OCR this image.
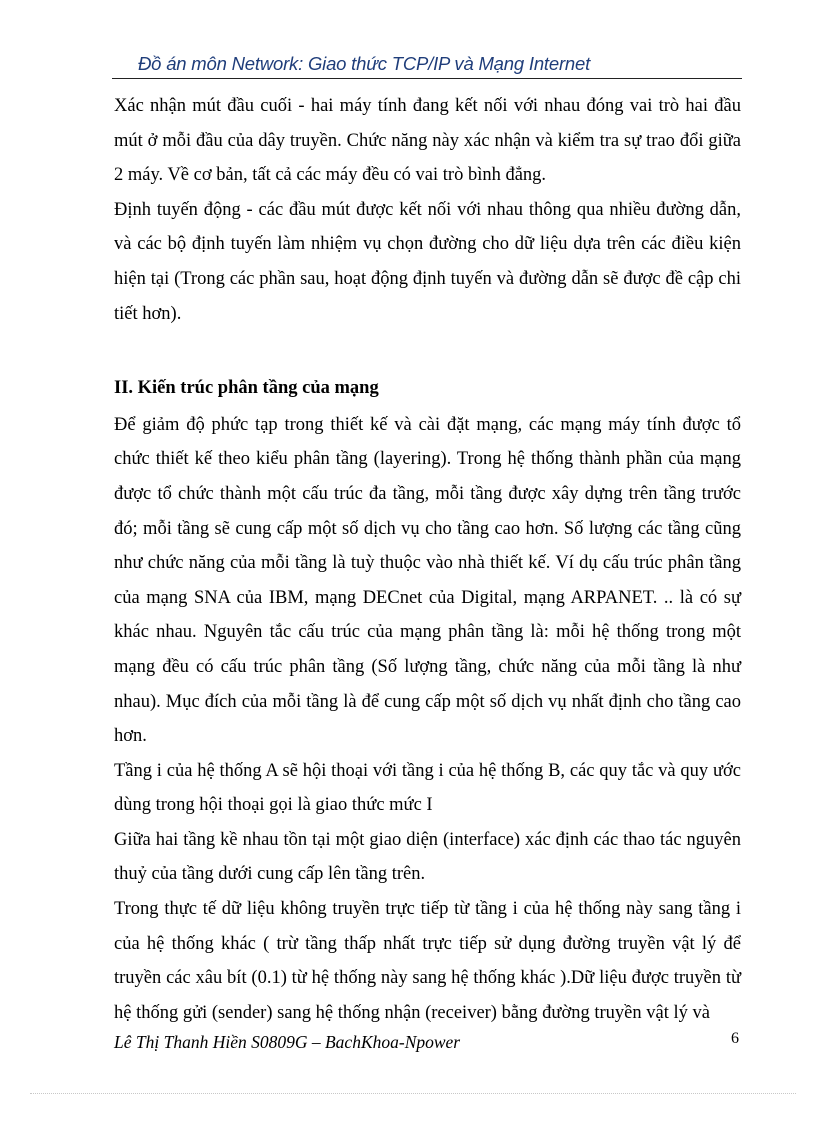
Đồ án môn Network: Giao thức TCP/IP và Mạng Internet

Xác nhận mút đầu cuối - hai máy tính đang kết nối với nhau đóng vai trò hai đầu mút ở mỗi đầu của dây truyền. Chức năng này xác nhận và kiểm tra sự trao đổi giữa 2 máy. Về cơ bản, tất cả các máy đều có vai trò bình đẳng.

Định tuyến động - các đầu mút được kết nối với nhau thông qua nhiều đường dẫn, và các bộ định tuyến làm nhiệm vụ chọn đường cho dữ liệu dựa trên các điều kiện hiện tại (Trong các phần sau, hoạt động định tuyến và đường dẫn sẽ được đề cập chi tiết hơn).

II. Kiến trúc phân tầng của mạng

Để giảm độ phức tạp trong thiết kế và cài đặt mạng, các mạng máy tính được tổ chức thiết kế theo kiểu phân tầng (layering). Trong hệ thống thành phần của mạng được tổ chức thành một cấu trúc đa tầng, mỗi tầng được xây dựng trên tầng trước đó; mỗi tầng sẽ cung cấp một số dịch vụ cho tầng cao hơn. Số lượng các tầng cũng như chức năng của mỗi tầng là tuỳ thuộc vào nhà thiết kế. Ví dụ cấu trúc phân tầng của mạng SNA của IBM, mạng DECnet của Digital, mạng ARPANET. .. là có sự khác nhau. Nguyên tắc cấu trúc của mạng phân tầng là: mỗi hệ thống trong một mạng đều có cấu trúc phân tầng (Số lượng tầng, chức năng của mỗi tầng là như nhau). Mục đích của mỗi tầng là để cung cấp một số dịch vụ nhất định cho tầng cao hơn.

Tầng i của hệ thống A sẽ hội thoại với tầng i của hệ thống B, các quy tắc và quy ước dùng trong hội thoại gọi là giao thức mức I

Giữa hai tầng kề nhau tồn tại một giao diện (interface) xác định các thao tác nguyên thuỷ của tầng dưới cung cấp lên tầng trên.

Trong thực tế dữ liệu không truyền trực tiếp từ tầng i của hệ thống này sang tầng i của hệ thống khác ( trừ tầng thấp nhất trực tiếp sử dụng đường truyền vật lý để truyền các xâu bít (0.1) từ hệ thống này sang hệ thống khác ).Dữ liệu được truyền từ hệ thống gửi (sender) sang hệ thống nhận (receiver) bằng đường truyền vật lý và

Lê Thị Thanh Hiền S0809G – BachKhoa-Npower	6
